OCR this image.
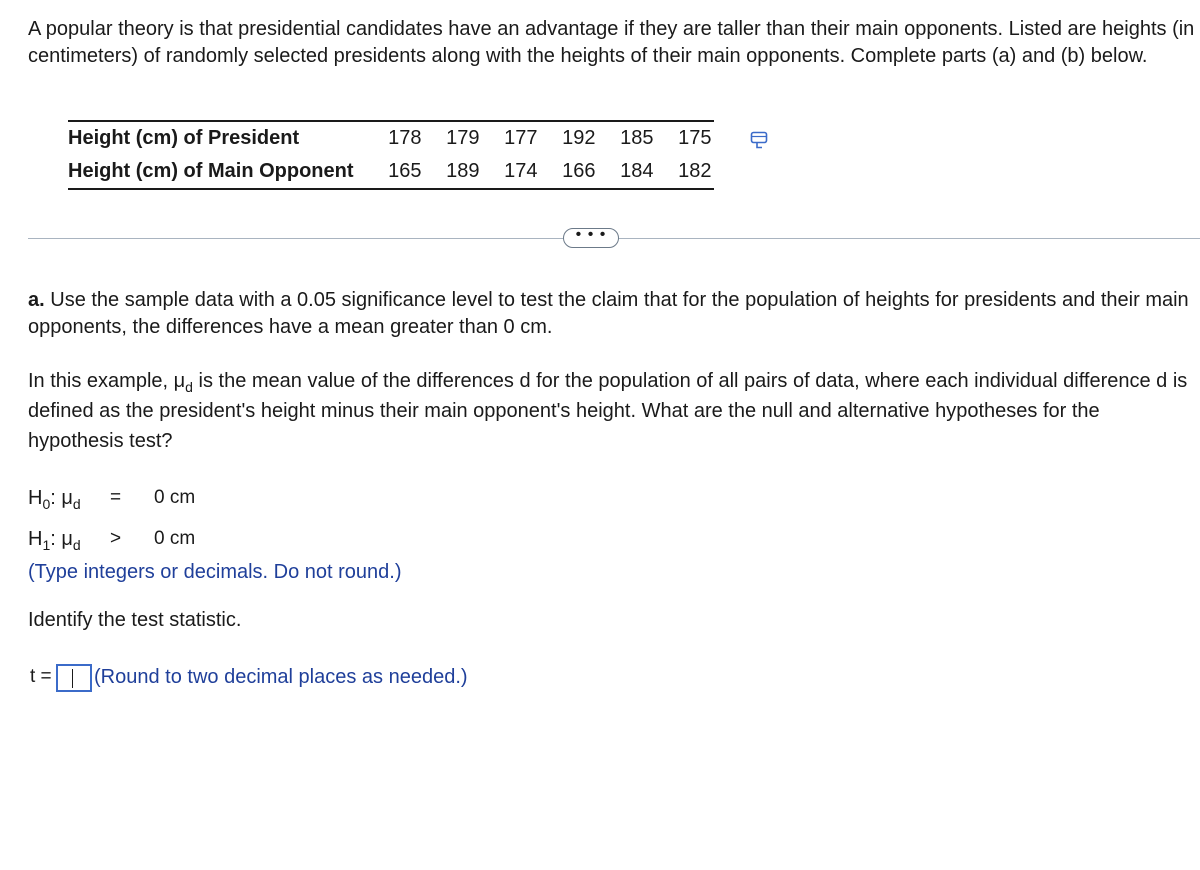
A popular theory is that presidential candidates have an advantage if they are taller than their main opponents. Listed are heights (in centimeters) of randomly selected presidents along with the heights of their main opponents. Complete parts (a) and (b) below.

Height (cm) of President	178	179	177	192	185	175
Height (cm) of Main Opponent	165	189	174	166	184	182
• • •

a. Use the sample data with a 0.05 significance level to test the claim that for the population of heights for presidents and their main opponents, the differences have a mean greater than 0 cm.

In this example, $\mu_d$ is the mean value of the differences d for the population of all pairs of data, where each individual difference d is defined as the president's height minus their main opponent's height. What are the null and alternative hypotheses for the hypothesis test?

$H_0$: $\mu_d = 0$ cm
$H_1$: $\mu_d > 0$ cm
(Type integers or decimals. Do not round.)
Identify the test statistic.
t = (Round to two decimal places as needed.)
